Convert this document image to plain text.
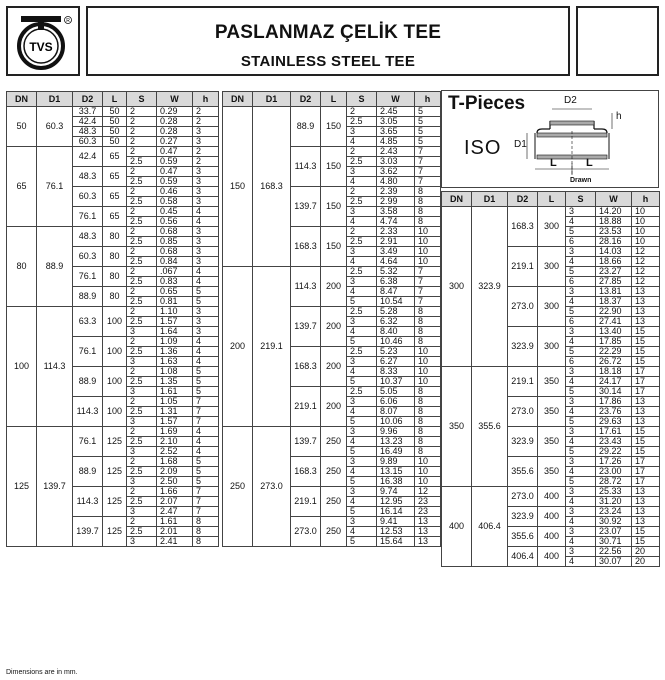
TVS
R
PASLANMAZ ÇELİK TEE
STAINLESS STEEL TEE
DN	D1	D2	L	S	W	h
50	60.3	33.7	50	2	0.29	2
		42.4	50	2	0.28	2
		48.3	50	2	0.28	3
		60.3	50	2	0.27	3
65	76.1	42.4	65	2	0.47	2
				2.5	0.59	2
		48.3	65	2	0.47	3
				2.5	0.59	3
		60.3	65	2	0.46	3
				2.5	0.58	3
		76.1	65	2	0.45	4
				2.5	0.56	4
80	88.9	48.3	80	2	0.68	3
				2.5	0.85	3
		60.3	80	2	0.68	3
				2.5	0.84	3
		76.1	80	2	.067	4
				2.5	0.83	4
		88.9	80	2	0.65	5
				2.5	0.81	5
100	114.3	63.3	100	2	1.10	3
				2.5	1.57	3
				3	1.64	3
		76.1	100	2	1.09	4
				2.5	1.36	4
				3	1.63	4
		88.9	100	2	1.08	5
				2.5	1.35	5
				3	1.61	5
		114.3	100	2	1.05	7
				2.5	1.31	7
				3	1.57	7
125	139.7	76.1	125	2	1.69	4
				2.5	2.10	4
				3	2.52	4
		88.9	125	2	1.68	5
				2.5	2.09	5
				3	2.50	5
		114.3	125	2	1.66	7
				2.5	2.07	7
				3	2.47	7
		139.7	125	2	1.61	8
				2.5	2.01	8
				3	2.41	8
DN	D1	D2	L	S	W	h
150	168.3	88.9	150	2	2.45	5
				2.5	3.05	5
				3	3.65	5
				4	4.85	5
		114.3	150	2	2.43	7
				2.5	3.03	7
				3	3.62	7
				4	4.80	7
		139.7	150	2	2.39	8
				2.5	2.99	8
				3	3.58	8
				4	4.74	8
		168.3	150	2	2.33	10
				2.5	2.91	10
				3	3.49	10
				4	4.64	10
200	219.1	114.3	200	2.5	5.32	7
				3	6.38	7
				4	8.47	7
				5	10.54	7
		139.7	200	2.5	5.28	8
				3	6.32	8
				4	8.40	8
				5	10.46	8
		168.3	200	2.5	5.23	10
				3	6.27	10
				4	8.33	10
				5	10.37	10
		219.1	200	2.5	5.05	8
				3	6.06	8
				4	8.07	8
				5	10.06	8
250	273.0	139.7	250	3	9.96	8
				4	13.23	8
				5	16.49	8
		168.3	250	3	9.89	10
				4	13.15	10
				5	16.38	10
		219.1	250	3	9.74	12
				4	12.95	23
				5	16.14	23
		273.0	250	3	9.41	13
				4	12.53	13
				5	15.64	13
T-Pieces
ISO
D2
h
D1
L	L
Drawn
DN	D1	D2	L	S	W	h
300	323.9	168.3	300	3	14.20	10
				4	18.88	10
				5	23.53	10
				6	28.16	10
		219.1	300	3	14.03	12
				4	18.66	12
				5	23.27	12
				6	27.85	12
		273.0	300	3	13.81	13
				4	18.37	13
				5	22.90	13
				6	27.41	13
		323.9	300	3	13.40	15
				4	17.85	15
				5	22.29	15
				6	26.72	15
350	355.6	219.1	350	3	18.18	17
				4	24.17	17
				5	30.14	17
		273.0	350	3	17.86	13
				4	23.76	13
				5	29.63	13
		323.9	350	3	17.61	15
				4	23.43	15
				5	29.22	15
		355.6	350	3	17.26	17
				4	23.00	17
				5	28.72	17
400	406.4	273.0	400	3	25.33	13
				4	31.20	13
		323.9	400	3	23.24	13
				4	30.92	13
		355.6	400	3	23.07	15
				4	30.71	15
		406.4	400	3	22.56	20
				4	30.07	20
Dimensions are in mm.
